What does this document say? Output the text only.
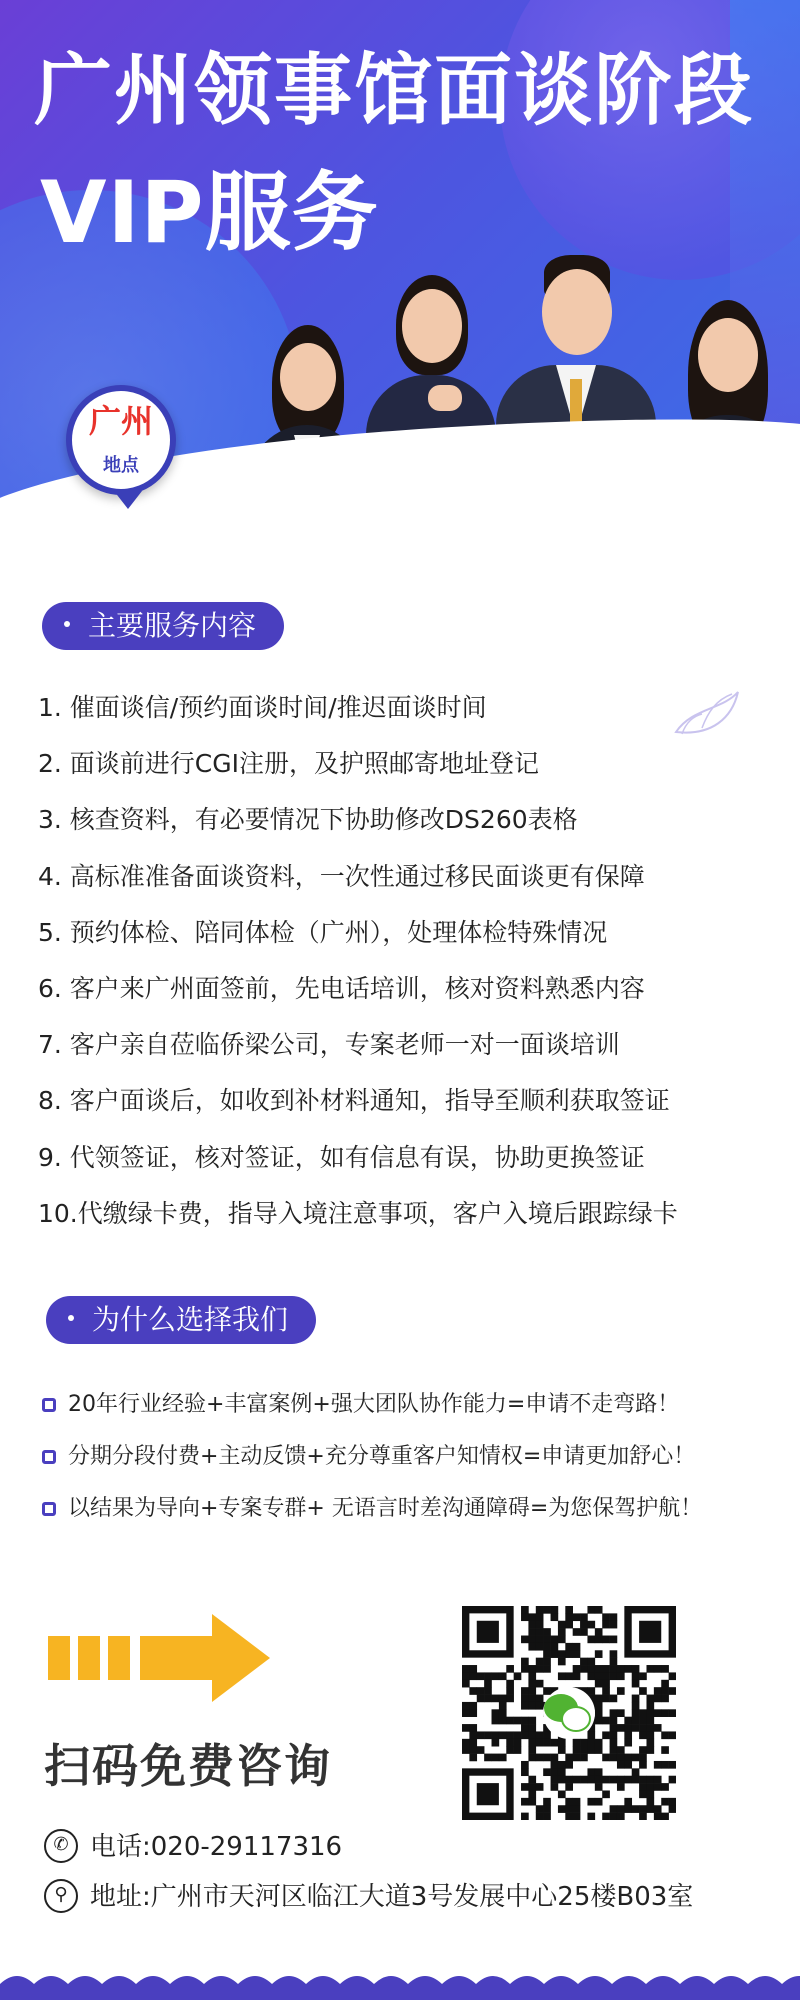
广州领事馆面谈阶段
VIP服务
广州
地点
主要服务内容
1. 催面谈信/预约面谈时间/推迟面谈时间
2. 面谈前进行CGI注册，及护照邮寄地址登记
3. 核查资料，有必要情况下协助修改DS260表格
4. 高标准准备面谈资料，一次性通过移民面谈更有保障
5. 预约体检、陪同体检（广州），处理体检特殊情况
6. 客户来广州面签前，先电话培训，核对资料熟悉内容
7. 客户亲自莅临侨梁公司，专案老师一对一面谈培训
8. 客户面谈后，如收到补材料通知，指导至顺利获取签证
9. 代领签证，核对签证，如有信息有误，协助更换签证
10.代缴绿卡费，指导入境注意事项，客户入境后跟踪绿卡
为什么选择我们
20年行业经验+丰富案例+强大团队协作能力=申请不走弯路！
分期分段付费+主动反馈+充分尊重客户知情权=申请更加舒心！
以结果为导向+专案专群+ 无语言时差沟通障碍=为您保驾护航！
扫码免费咨询
✆ 电话:020-29117316
⚲ 地址:广州市天河区临江大道3号发展中心25楼B03室
